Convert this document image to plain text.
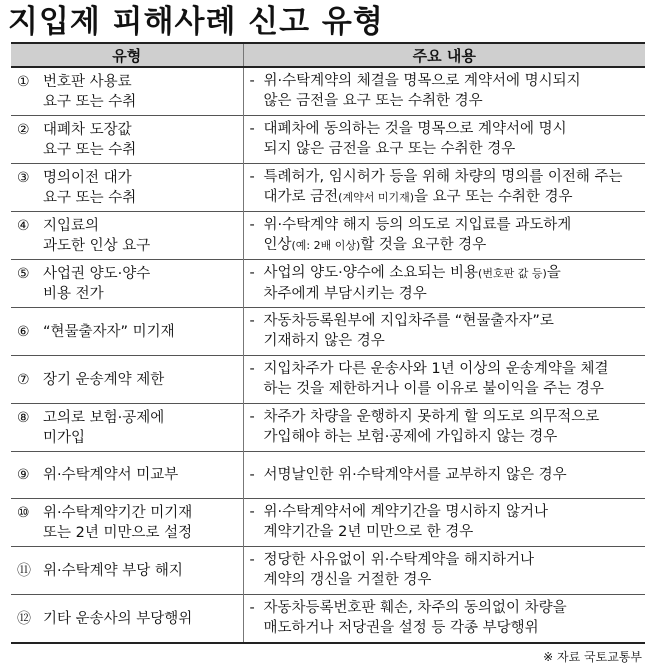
지입제 피해사례 신고 유형
유형	주요 내용

① 번호판 사용료
요구 또는 수취	- 위·수탁계약의 체결을 명목으로 계약서에 명시되지
않은 금전을 요구 또는 수취한 경우

② 대폐차 도장값
요구 또는 수취	- 대폐차에 동의하는 것을 명목으로 계약서에 명시
되지 않은 금전을 요구 또는 수취한 경우

③ 명의이전 대가
요구 또는 수취	- 특례허가, 임시허가 등을 위해 차량의 명의를 이전해 주는
대가로 금전(계약서 미기재)을 요구 또는 수취한 경우

④ 지입료의
과도한 인상 요구	- 위·수탁계약 해지 등의 의도로 지입료를 과도하게
인상(예: 2배 이상)할 것을 요구한 경우

⑤ 사업권 양도·양수
비용 전가	- 사업의 양도·양수에 소요되는 비용(번호판 값 등)을
차주에게 부담시키는 경우

⑥ “현물출자자” 미기재	- 자동차등록원부에 지입차주를 “현물출자자”로
기재하지 않은 경우

⑦ 장기 운송계약 제한	- 지입차주가 다른 운송사와 1년 이상의 운송계약을 체결
하는 것을 제한하거나 이를 이유로 불이익을 주는 경우

⑧ 고의로 보험·공제에
미가입	- 차주가 차량을 운행하지 못하게 할 의도로 의무적으로
가입해야 하는 보험·공제에 가입하지 않는 경우

⑨ 위·수탁계약서 미교부	- 서명날인한 위·수탁계약서를 교부하지 않은 경우

⑩ 위·수탁계약기간 미기재
또는 2년 미만으로 설정	- 위·수탁계약서에 계약기간을 명시하지 않거나
계약기간을 2년 미만으로 한 경우

⑪ 위·수탁계약 부당 해지	- 정당한 사유없이 위·수탁계약을 해지하거나
계약의 갱신을 거절한 경우

⑫ 기타 운송사의 부당행위	- 자동차등록번호판 훼손, 차주의 동의없이 차량을
매도하거나 저당권을 설정 등 각종 부당행위
※ 자료 국토교통부
